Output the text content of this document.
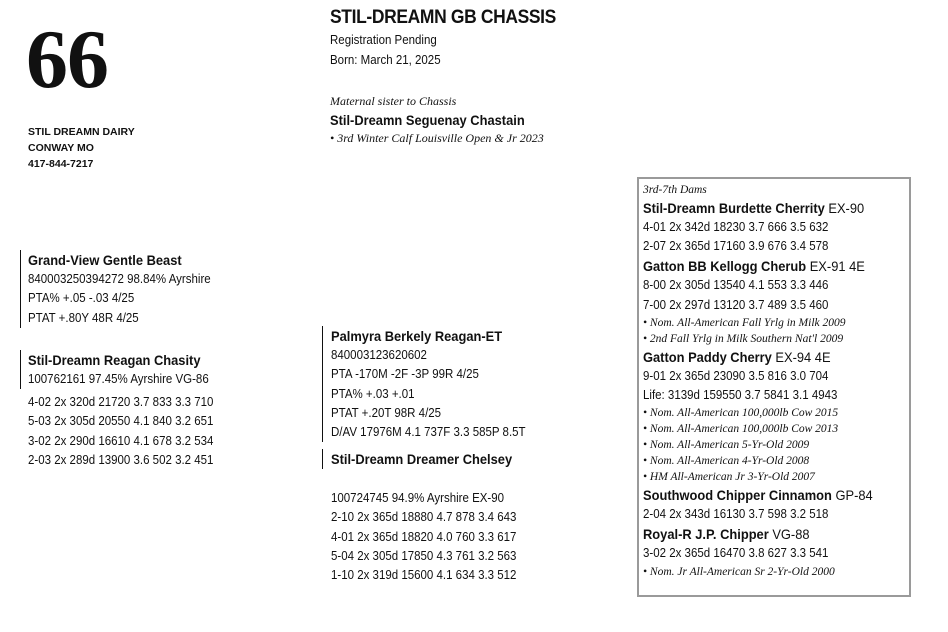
66
STIL DREAMN DAIRY
CONWAY MO
417-844-7217
STIL-DREAMN GB CHASSIS
Registration Pending
Born: March 21, 2025
Maternal sister to Chassis
Stil-Dreamn Seguenay Chastain
• 3rd Winter Calf Louisville Open & Jr 2023
Grand-View Gentle Beast
840003250394272 98.84% Ayrshire
PTA% +.05 -.03 4/25
PTAT +.80Y 48R 4/25
Stil-Dreamn Reagan Chasity
100762161 97.45% Ayrshire VG-86
4-02 2x 320d 21720 3.7 833 3.3 710
5-03 2x 305d 20550 4.1 840 3.2 651
3-02 2x 290d 16610 4.1 678 3.2 534
2-03 2x 289d 13900 3.6 502 3.2 451
Palmyra Berkely Reagan-ET
840003123620602
PTA -170M -2F -3P 99R 4/25
PTA% +.03 +.01
PTAT +.20T 98R 4/25
D/AV 17976M 4.1 737F 3.3 585P 8.5T
Stil-Dreamn Dreamer Chelsey
100724745 94.9% Ayrshire EX-90
2-10 2x 365d 18880 4.7 878 3.4 643
4-01 2x 365d 18820 4.0 760 3.3 617
5-04 2x 305d 17850 4.3 761 3.2 563
1-10 2x 319d 15600 4.1 634 3.3 512
3rd-7th Dams
Stil-Dreamn Burdette Cherrity EX-90
4-01 2x 342d 18230 3.7 666 3.5 632
2-07 2x 365d 17160 3.9 676 3.4 578
Gatton BB Kellogg Cherub EX-91 4E
8-00 2x 305d 13540 4.1 553 3.3 446
7-00 2x 297d 13120 3.7 489 3.5 460
• Nom. All-American Fall Yrlg in Milk 2009
• 2nd Fall Yrlg in Milk Southern Nat'l 2009
Gatton Paddy Cherry EX-94 4E
9-01 2x 365d 23090 3.5 816 3.0 704
Life: 3139d 159550 3.7 5841 3.1 4943
• Nom. All-American 100,000lb Cow 2015
• Nom. All-American 100,000lb Cow 2013
• Nom. All-American 5-Yr-Old 2009
• Nom. All-American 4-Yr-Old 2008
• HM All-American Jr 3-Yr-Old 2007
Southwood Chipper Cinnamon GP-84
2-04 2x 343d 16130 3.7 598 3.2 518
Royal-R J.P. Chipper VG-88
3-02 2x 365d 16470 3.8 627 3.3 541
• Nom. Jr All-American Sr 2-Yr-Old 2000
